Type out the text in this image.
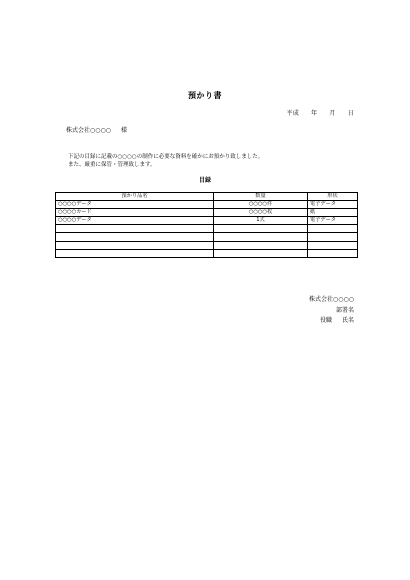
預かり書
平成 年 月 日
株式会社○○○○ 様
下記の目録に記載の○○○○の制作に必要な資料を確かにお預かり致しました。
また、厳重に保管・管理致します。
目録
預かり品名	数量	形状
○○○○データ	○○○○件	電子データ
○○○○カード	○○○○枚	紙
○○○○データ	1式	電子データ

株式会社○○○○
部署名
役職 氏名
